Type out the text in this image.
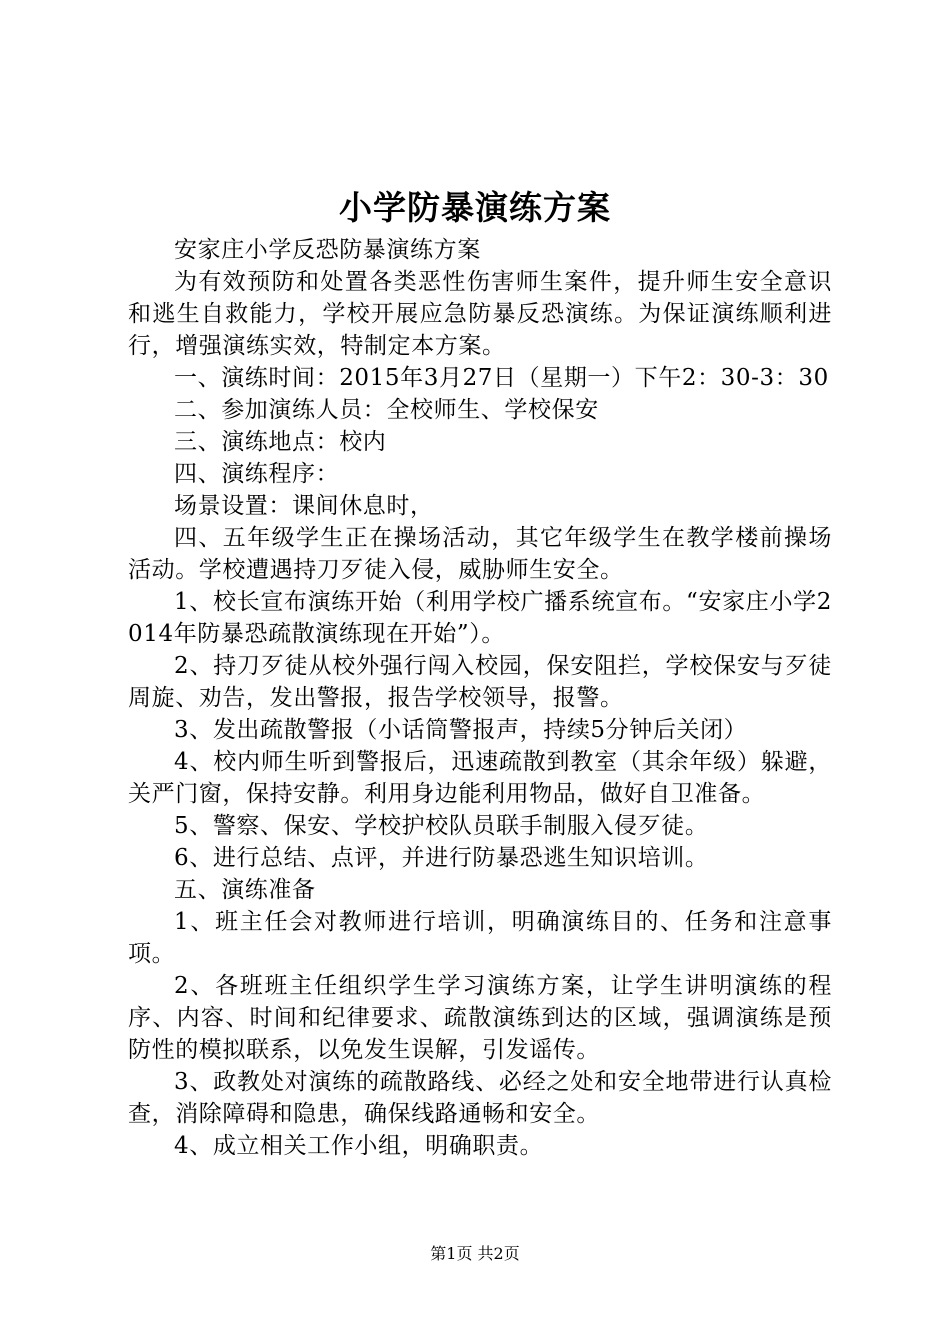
小学防暴演练方案

安家庄小学反恐防暴演练方案

为有效预防和处置各类恶性伤害师生案件，提升师生安全意识和逃生自救能力，学校开展应急防暴反恐演练。为保证演练顺利进行，增强演练实效，特制定本方案。

一、演练时间：2015年3月27日（星期一）下午2：30-3：30

二、参加演练人员：全校师生、学校保安

三、演练地点：校内

四、演练程序：

场景设置：课间休息时，

四、五年级学生正在操场活动，其它年级学生在教学楼前操场活动。学校遭遇持刀歹徒入侵，威胁师生安全。

1、校长宣布演练开始（利用学校广播系统宣布。“安家庄小学2014年防暴恐疏散演练现在开始”）。

2、持刀歹徒从校外强行闯入校园，保安阻拦，学校保安与歹徒周旋、劝告，发出警报，报告学校领导，报警。

3、发出疏散警报（小话筒警报声，持续5分钟后关闭）

4、校内师生听到警报后，迅速疏散到教室（其余年级）躲避，关严门窗，保持安静。利用身边能利用物品，做好自卫准备。

5、警察、保安、学校护校队员联手制服入侵歹徒。

6、进行总结、点评，并进行防暴恐逃生知识培训。

五、演练准备

1、班主任会对教师进行培训，明确演练目的、任务和注意事项。

2、各班班主任组织学生学习演练方案，让学生讲明演练的程序、内容、时间和纪律要求、疏散演练到达的区域，强调演练是预防性的模拟联系，以免发生误解，引发谣传。

3、政教处对演练的疏散路线、必经之处和安全地带进行认真检查，消除障碍和隐患，确保线路通畅和安全。

4、成立相关工作小组，明确职责。

第1页 共2页
